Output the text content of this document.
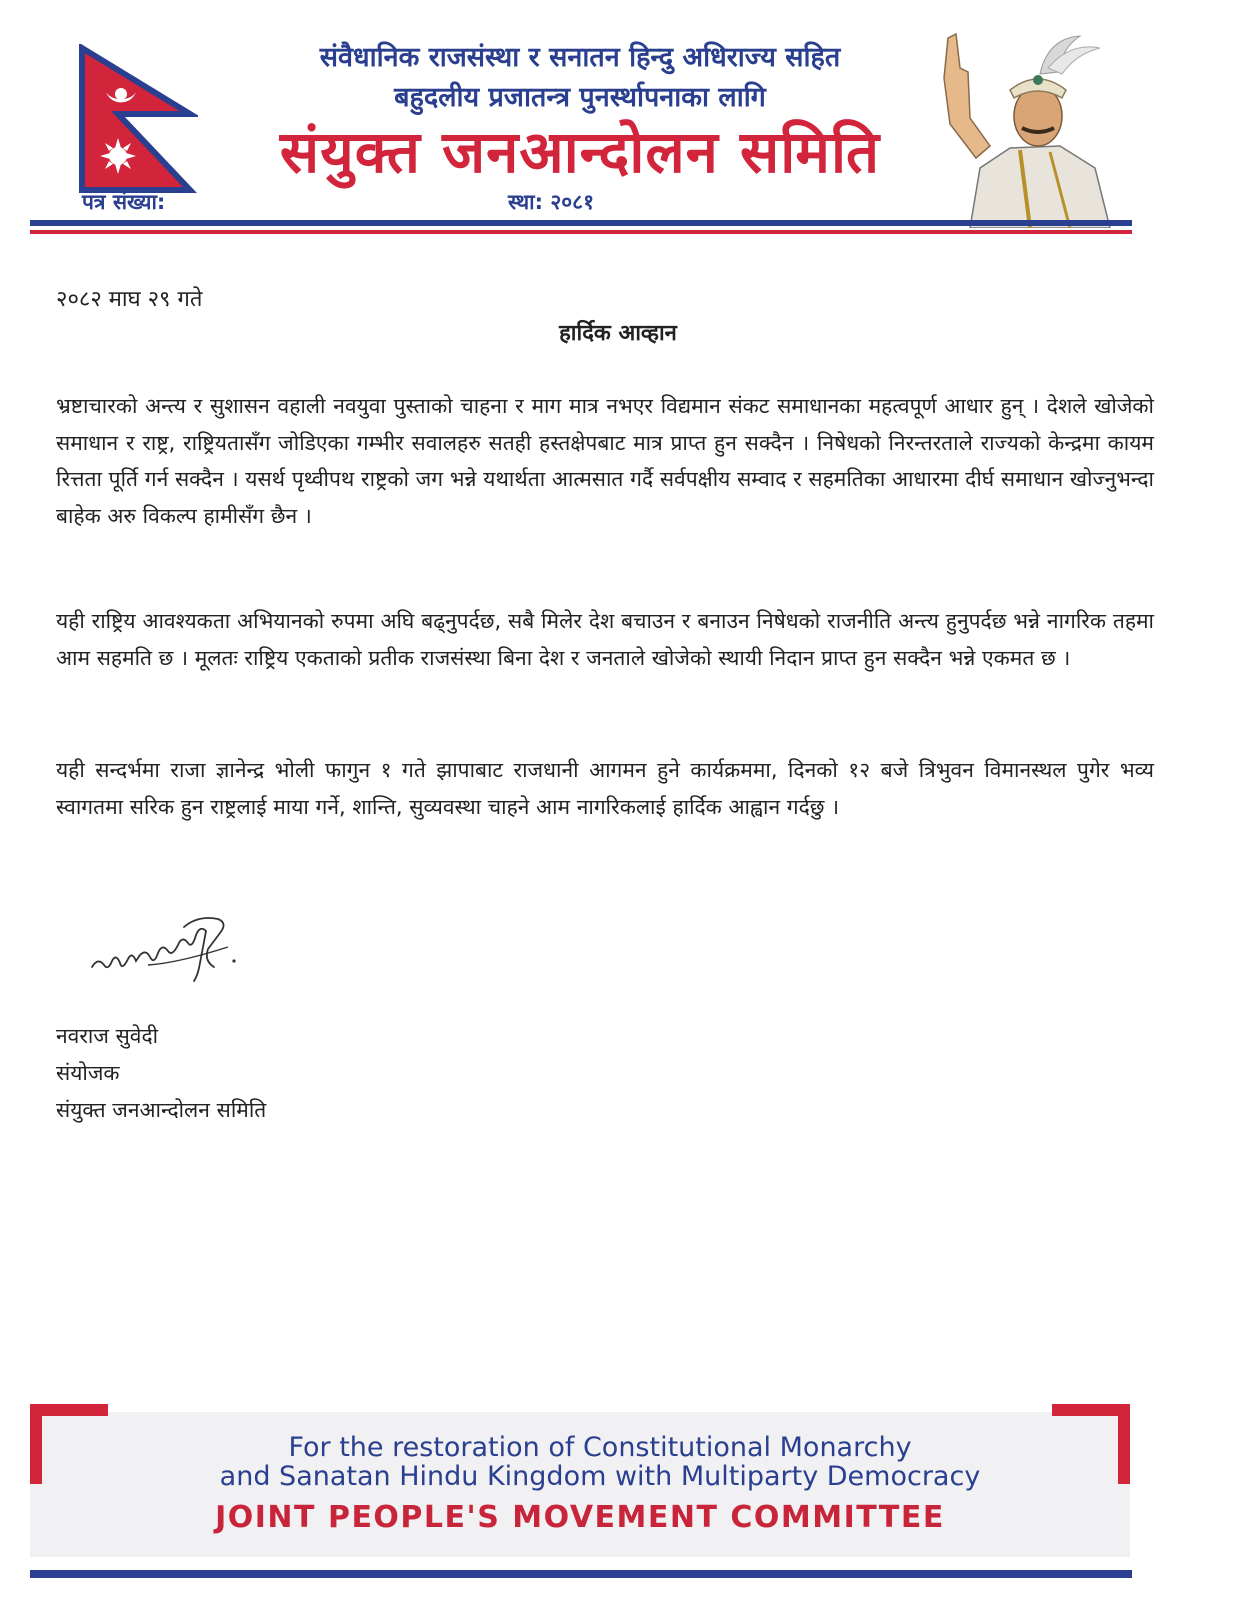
संवैधानिक राजसंस्था र सनातन हिन्दु अधिराज्य सहित
बहुदलीय प्रजातन्त्र पुनर्स्थापनाका लागि
संयुक्त जनआन्दोलन समिति
पत्र संख्या:	स्था: २०८१
२०८२ माघ २९ गते
हार्दिक आव्हान

भ्रष्टाचारको अन्त्य र सुशासन वहाली नवयुवा पुस्ताको चाहना र माग मात्र नभएर विद्यमान संकट समाधानका महत्वपूर्ण आधार हुन् । देशले खोजेको समाधान र राष्ट्र, राष्ट्रियतासँग जोडिएका गम्भीर सवालहरु सतही हस्तक्षेपबाट मात्र प्राप्त हुन सक्दैन । निषेधको निरन्तरताले राज्यको केन्द्रमा कायम रित्तता पूर्ति गर्न सक्दैन । यसर्थ पृथ्वीपथ राष्ट्रको जग भन्ने यथार्थता आत्मसात गर्दै सर्वपक्षीय सम्वाद र सहमतिका आधारमा दीर्घ समाधान खोज्नुभन्दा बाहेक अरु विकल्प हामीसँग छैन ।

यही राष्ट्रिय आवश्यकता अभियानको रुपमा अघि बढ्नुपर्दछ, सबै मिलेर देश बचाउन र बनाउन निषेधको राजनीति अन्त्य हुनुपर्दछ भन्ने नागरिक तहमा आम सहमति छ । मूलतः राष्ट्रिय एकताको प्रतीक राजसंस्था बिना देश र जनताले खोजेको स्थायी निदान प्राप्त हुन सक्दैन भन्ने एकमत छ ।

यही सन्दर्भमा राजा ज्ञानेन्द्र भोली फागुन १ गते झापाबाट राजधानी आगमन हुने कार्यक्रममा, दिनको १२ बजे त्रिभुवन विमानस्थल पुगेर भव्य स्वागतमा सरिक हुन राष्ट्रलाई माया गर्ने, शान्ति, सुव्यवस्था चाहने आम नागरिकलाई हार्दिक आह्वान गर्दछु ।

नवराज सुवेदी
संयोजक
संयुक्त जनआन्दोलन समिति
For the restoration of Constitutional Monarchy
and Sanatan Hindu Kingdom with Multiparty Democracy
JOINT PEOPLE'S MOVEMENT COMMITTEE
